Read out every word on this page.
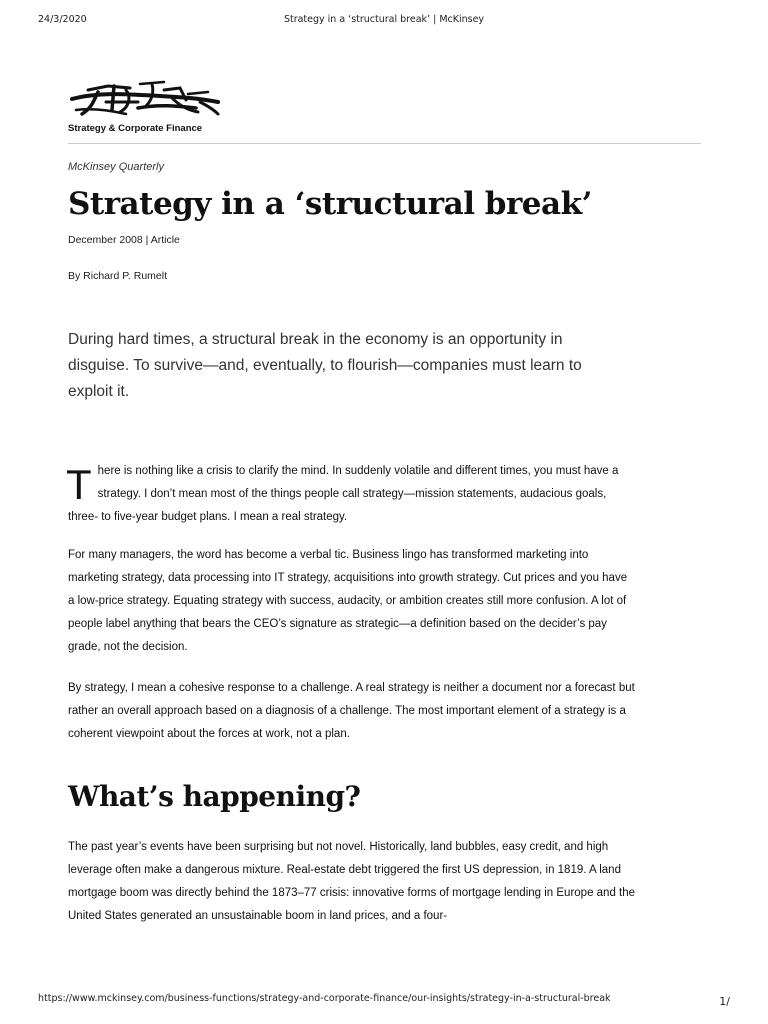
24/3/2020	Strategy in a ‘structural break’ | McKinsey
Strategy & Corporate Finance
McKinsey Quarterly
Strategy in a ‘structural break’
December 2008 | Article
By Richard P. Rumelt

During hard times, a structural break in the economy is an opportunity in disguise. To survive—and, eventually, to flourish—companies must learn to exploit it.

There is nothing like a crisis to clarify the mind. In suddenly volatile and different times, you must have a strategy. I don’t mean most of the things people call strategy—mission statements, audacious goals, three- to five-year budget plans. I mean a real strategy.

For many managers, the word has become a verbal tic. Business lingo has transformed marketing into marketing strategy, data processing into IT strategy, acquisitions into growth strategy. Cut prices and you have a low-price strategy. Equating strategy with success, audacity, or ambition creates still more confusion. A lot of people label anything that bears the CEO’s signature as strategic—a definition based on the decider’s pay grade, not the decision.

By strategy, I mean a cohesive response to a challenge. A real strategy is neither a document nor a forecast but rather an overall approach based on a diagnosis of a challenge. The most important element of a strategy is a coherent viewpoint about the forces at work, not a plan.

What’s happening?

The past year’s events have been surprising but not novel. Historically, land bubbles, easy credit, and high leverage often make a dangerous mixture. Real-estate debt triggered the first US depression, in 1819. A land mortgage boom was directly behind the 1873–77 crisis: innovative forms of mortgage lending in Europe and the United States generated an unsustainable boom in land prices, and a four-

https://www.mckinsey.com/business-functions/strategy-and-corporate-finance/our-insights/strategy-in-a-structural-break	1/
